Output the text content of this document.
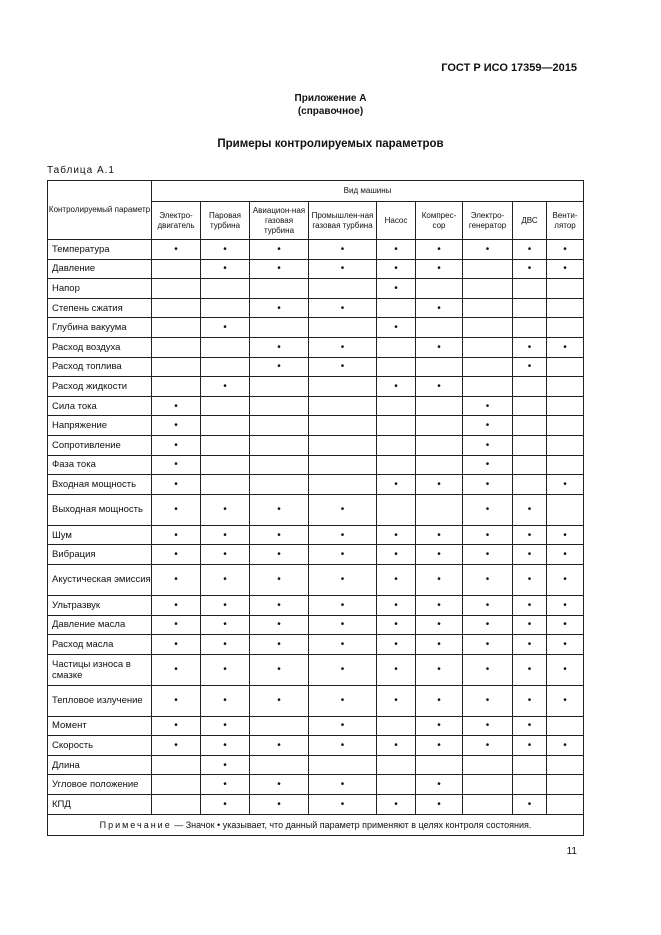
ГОСТ Р ИСО 17359—2015
Приложение А
(справочное)
Примеры контролируемых параметров
Таблица А.1
Контролируемый параметр	Вид машины								
	Электро-двигатель	Паровая турбина	Авиацион-ная газовая турбина	Промышлен-ная газовая турбина	Насос	Компрес-сор	Электро-генератор	ДВС	Венти-лятор
Температура	•	•	•	•	•	•	•	•	•
Давление		•	•	•	•	•		•	•
Напор					•				
Степень сжатия			•	•		•			
Глубина вакуума		•			•				
Расход воздуха			•	•		•		•	•
Расход топлива			•	•				•	
Расход жидкости		•			•	•			
Сила тока	•						•		
Напряжение	•						•		
Сопротивление	•						•		
Фаза тока	•						•		
Входная мощность	•				•	•	•		•
Выходная мощность	•	•	•	•			•	•	
Шум	•	•	•	•	•	•	•	•	•
Вибрация	•	•	•	•	•	•	•	•	•
Акустическая эмиссия	•	•	•	•	•	•	•	•	•
Ультразвук	•	•	•	•	•	•	•	•	•
Давление масла	•	•	•	•	•	•	•	•	•
Расход масла	•	•	•	•	•	•	•	•	•
Частицы износа в смазке	•	•	•	•	•	•	•	•	•
Тепловое излучение	•	•	•	•	•	•	•	•	•
Момент	•	•		•		•	•	•	
Скорость	•	•	•	•	•	•	•	•	•
Длина		•							
Угловое положение		•	•	•		•			
КПД		•	•	•	•	•		•	
Примечание — Значок • указывает, что данный параметр применяют в целях контроля состояния.									
11
